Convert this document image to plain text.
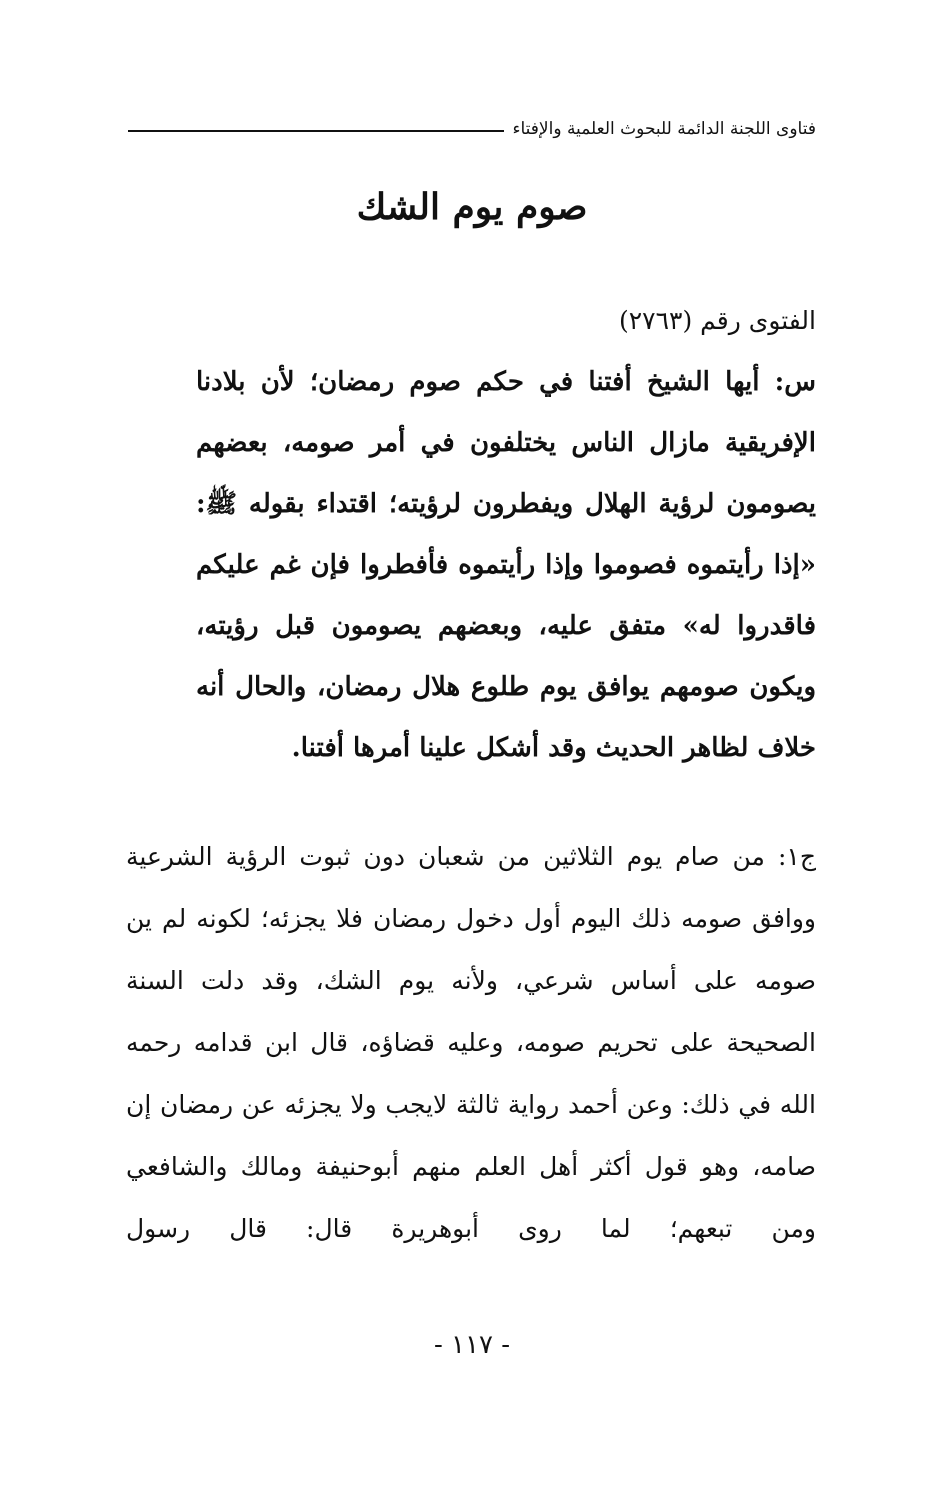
فتاوى اللجنة الدائمة للبحوث العلمية والإفتاء
صوم يوم الشك

الفتوى رقم (٢٧٦٣)

س: أيها الشيخ أفتنا في حكم صوم رمضان؛ لأن بلادنا الإفريقية مازال الناس يختلفون في أمر صومه، بعضهم يصومون لرؤية الهلال ويفطرون لرؤيته؛ اقتداء بقوله ﷺ: «إذا رأيتموه فصوموا وإذا رأيتموه فأفطروا فإن غم عليكم فاقدروا له» متفق عليه، وبعضهم يصومون قبل رؤيته، ويكون صومهم يوافق يوم طلوع هلال رمضان، والحال أنه خلاف لظاهر الحديث وقد أشكل علينا أمرها أفتنا.

ج١: من صام يوم الثلاثين من شعبان دون ثبوت الرؤية الشرعية ووافق صومه ذلك اليوم أول دخول رمضان فلا يجزئه؛ لكونه لم ين صومه على أساس شرعي، ولأنه يوم الشك، وقد دلت السنة الصحيحة على تحريم صومه، وعليه قضاؤه، قال ابن قدامه رحمه الله في ذلك: وعن أحمد رواية ثالثة لايجب ولا يجزئه عن رمضان إن صامه، وهو قول أكثر أهل العلم منهم أبوحنيفة ومالك والشافعي ومن تبعهم؛ لما روى أبوهريرة قال: قال رسول

- ١١٧ -
